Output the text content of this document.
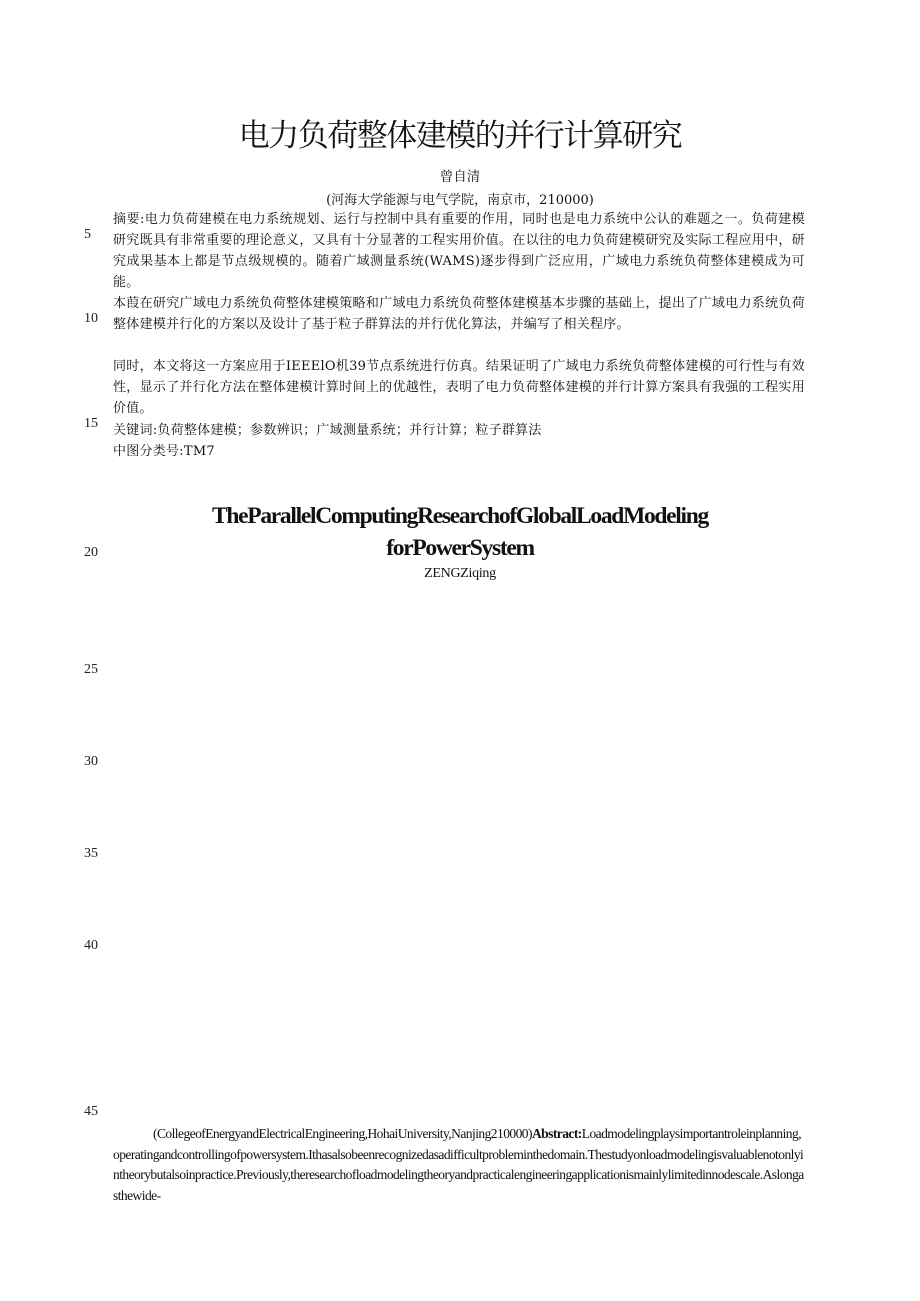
5
10
15
20
25
30
35
40
45
电力负荷整体建模的并行计算研究
曾自清
(河海大学能源与电气学院，南京市，210000)
摘要:电力负荷建模在电力系统规划、运行与控制中具有重要的作用，同时也是电力系统中公认的难题之一。负荷建模研究既具有非常重要的理论意义，又具有十分显著的工程实用价值。在以往的电力负荷建模研究及实际工程应用中，研究成果基本上都是节点级规模的。随着广域测量系统(WAMS)逐步得到广泛应用，广域电力系统负荷整体建模成为可能。
本葭在研究广域电力系统负荷整体建模策略和广域电力系统负荷整体建模基本步骤的基础上，提出了广域电力系统负荷整体建模并行化的方案以及设计了基于粒子群算法的并行优化算法，并编写了相关程序。
同时，本文将这一方案应用于IEEElO机39节点系统进行仿真。结果证明了广域电力系统负荷整体建模的可行性与有效性，显示了并行化方法在整体建模计算时间上的优越性，表明了电力负荷整体建模的并行计算方案具有我强的工程实用价值。
关键词:负荷整体建模；参数辨识；广域测量系统；并行计算；粒子群算法
中图分类号:TM7
TheParallelComputingResearchofGlobalLoadModeling
forPowerSystem
ZENGZiqing
(CollegeofEnergyandElectricalEngineering,HohaiUniversity,Nanjing210000)Abstract:Loadmodelingplaysimportantroleinplanning,operatingandcontrollingofpowersystem.Ithasalsobeenrecognizedasadifficultprobleminthedomain.Thestudyonloadmodelingisvaluablenotonlyintheorybutalsoinpractice.Previously,theresearchofloadmodelingtheoryandpracticalengineeringapplicationismainlylimitedinnodescale.Aslongasthewide-
